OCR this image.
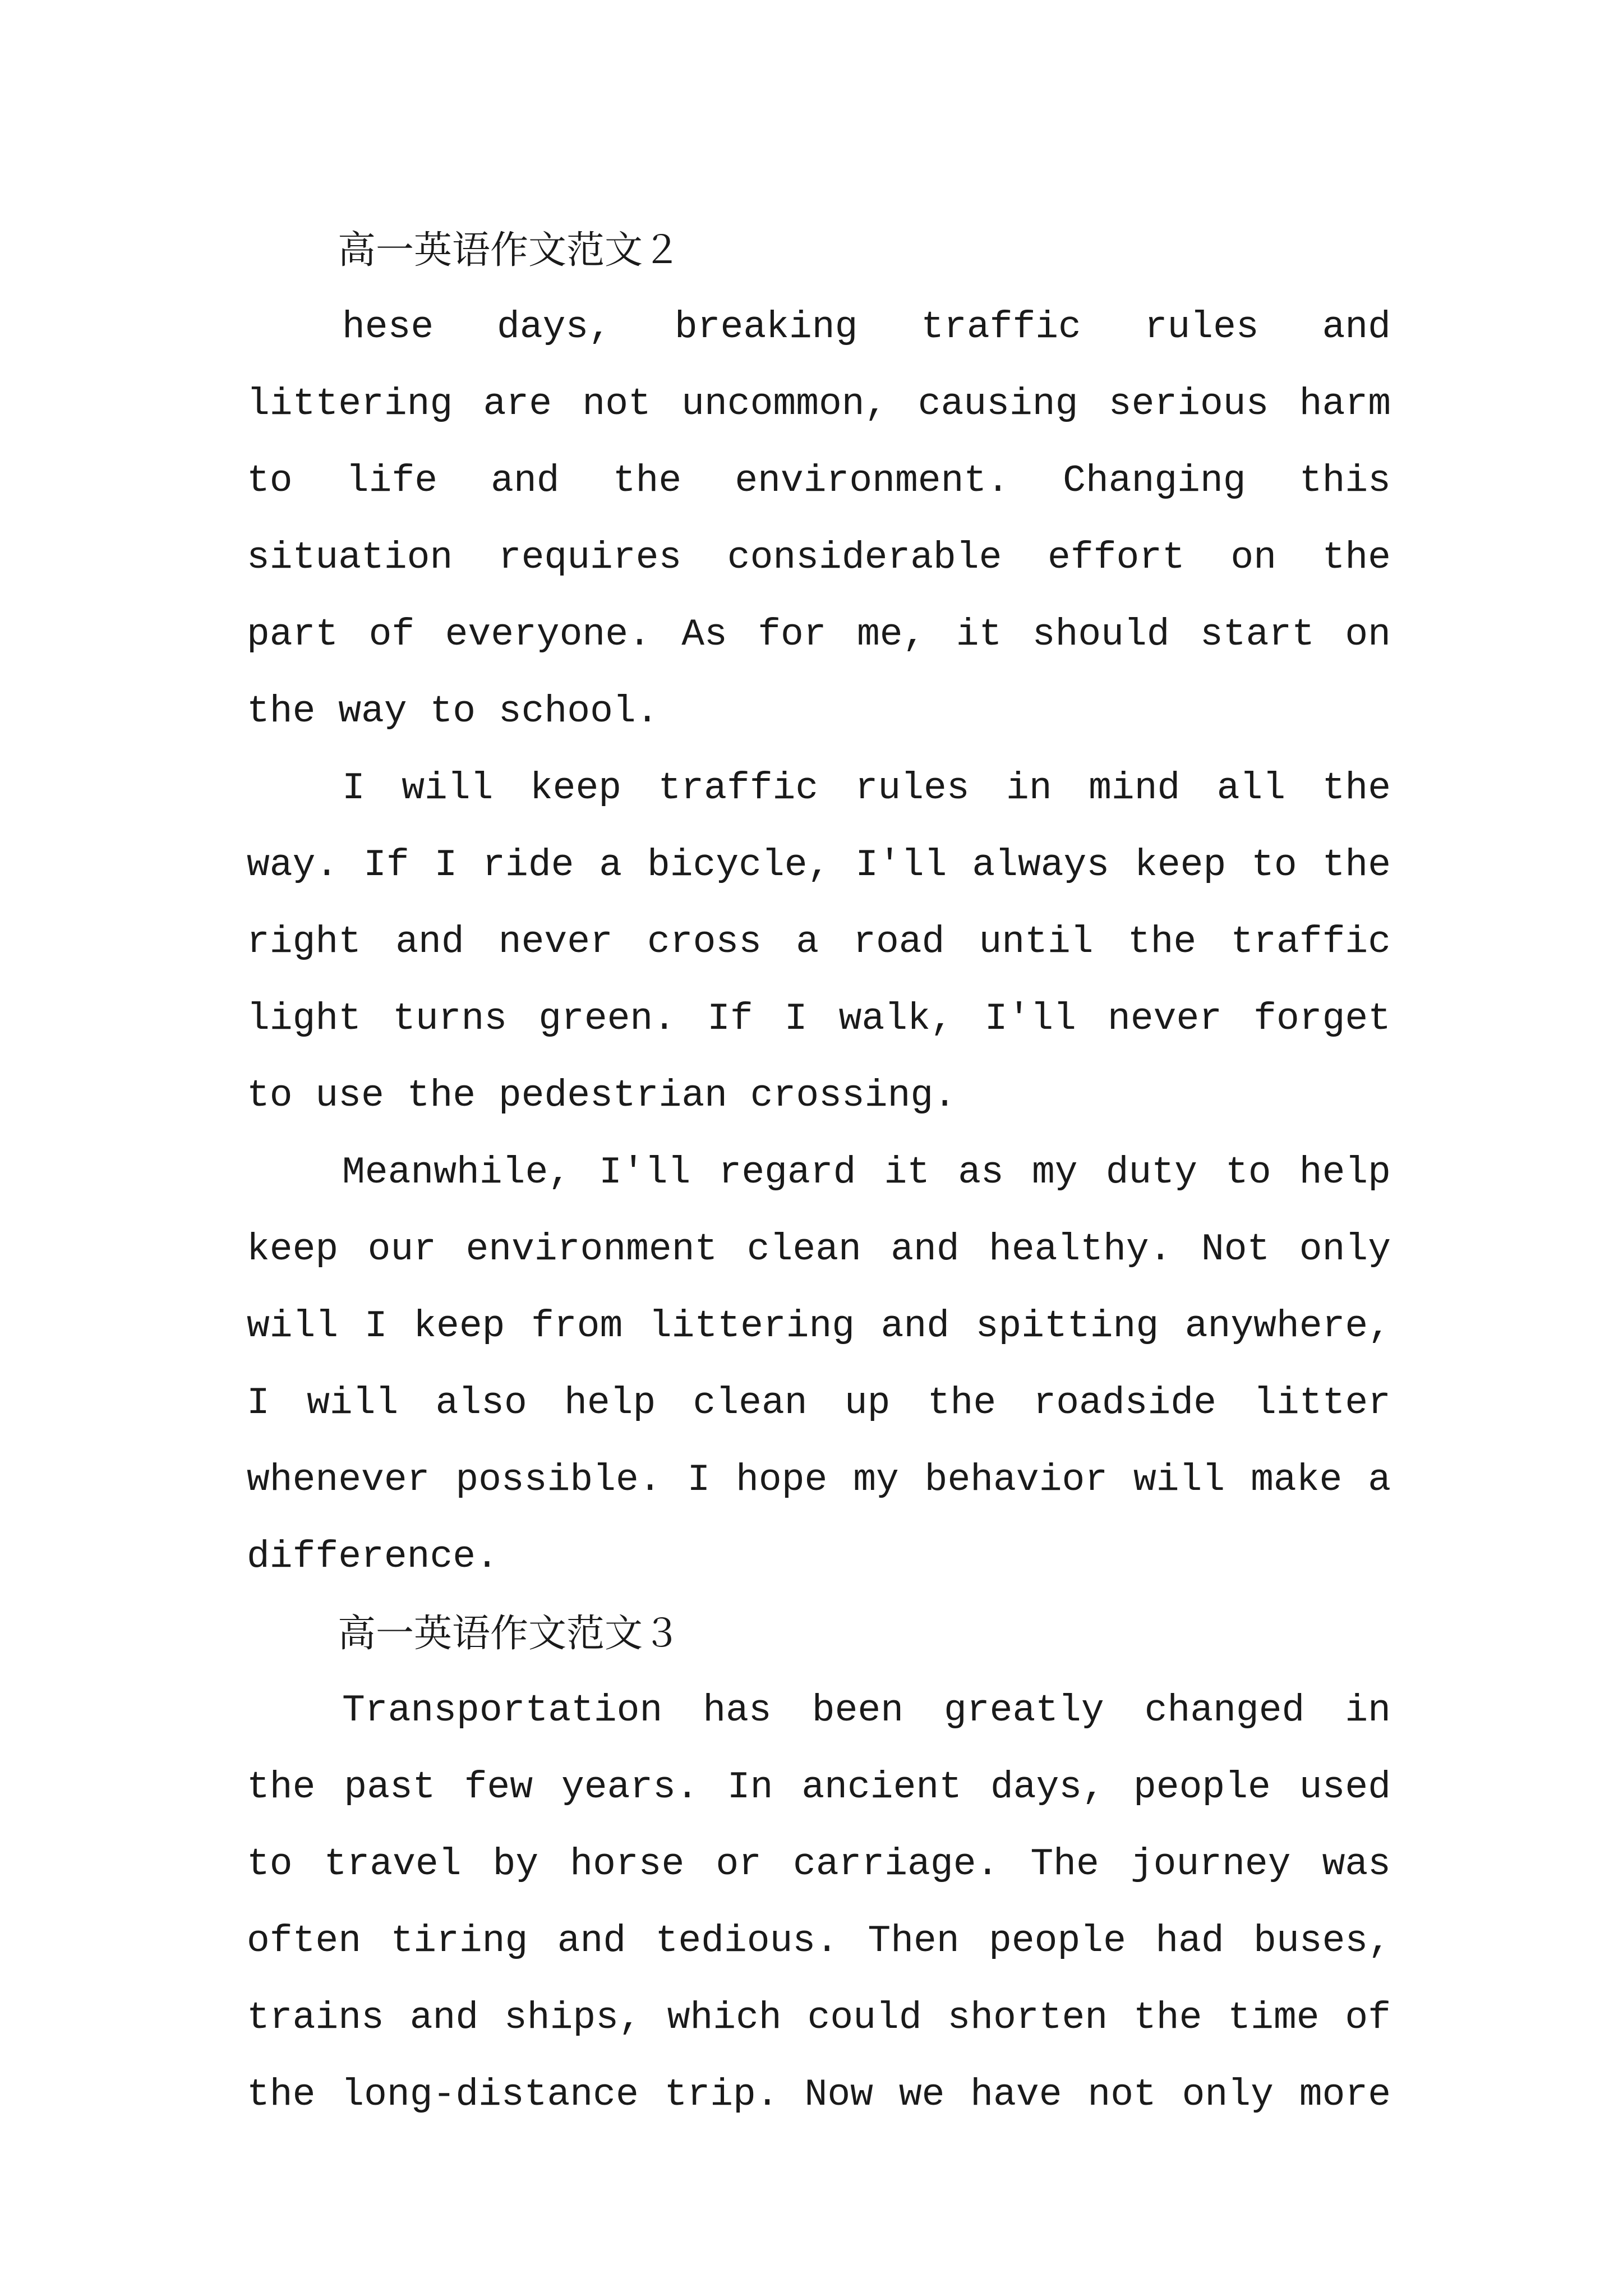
高一英语作文范文２

hese days, breaking traffic rules and littering are not uncommon, causing serious harm to life and the environment. Changing this situation requires considerable effort on the part of everyone. As for me, it should start on the way to school.

I will keep traffic rules in mind all the way. If I ride a bicycle, I'll always keep to the right and never cross a road until the traffic light turns green. If I walk, I'll never forget to use the pedestrian crossing.

Meanwhile, I'll regard it as my duty to help keep our environment clean and healthy. Not only will I keep from littering and spitting anywhere, I will also help clean up the roadside litter whenever possible. I hope my behavior will make a difference.

高一英语作文范文３

Transportation has been greatly changed in the past few years. In ancient days, people used to travel by horse or carriage. The journey was often tiring and tedious. Then people had buses, trains and ships, which could shorten the time of the long-distance trip. Now we have not only more
